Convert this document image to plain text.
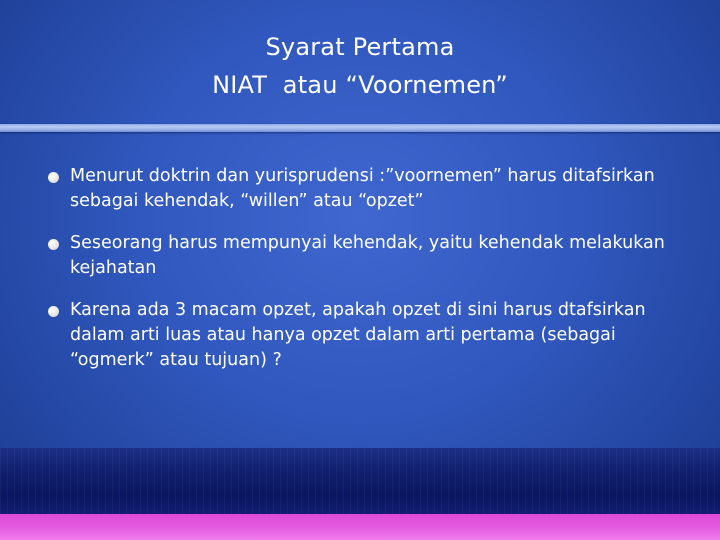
Syarat Pertama
NIAT  atau “Voornemen”
Menurut doktrin dan yurisprudensi :”voornemen” harus ditafsirkan sebagai kehendak, “willen” atau “opzet”
Seseorang harus mempunyai kehendak, yaitu kehendak melakukan kejahatan
Karena ada 3 macam opzet, apakah opzet di sini harus dtafsirkan dalam arti luas atau hanya opzet dalam arti pertama (sebagai “ogmerk” atau tujuan) ?
